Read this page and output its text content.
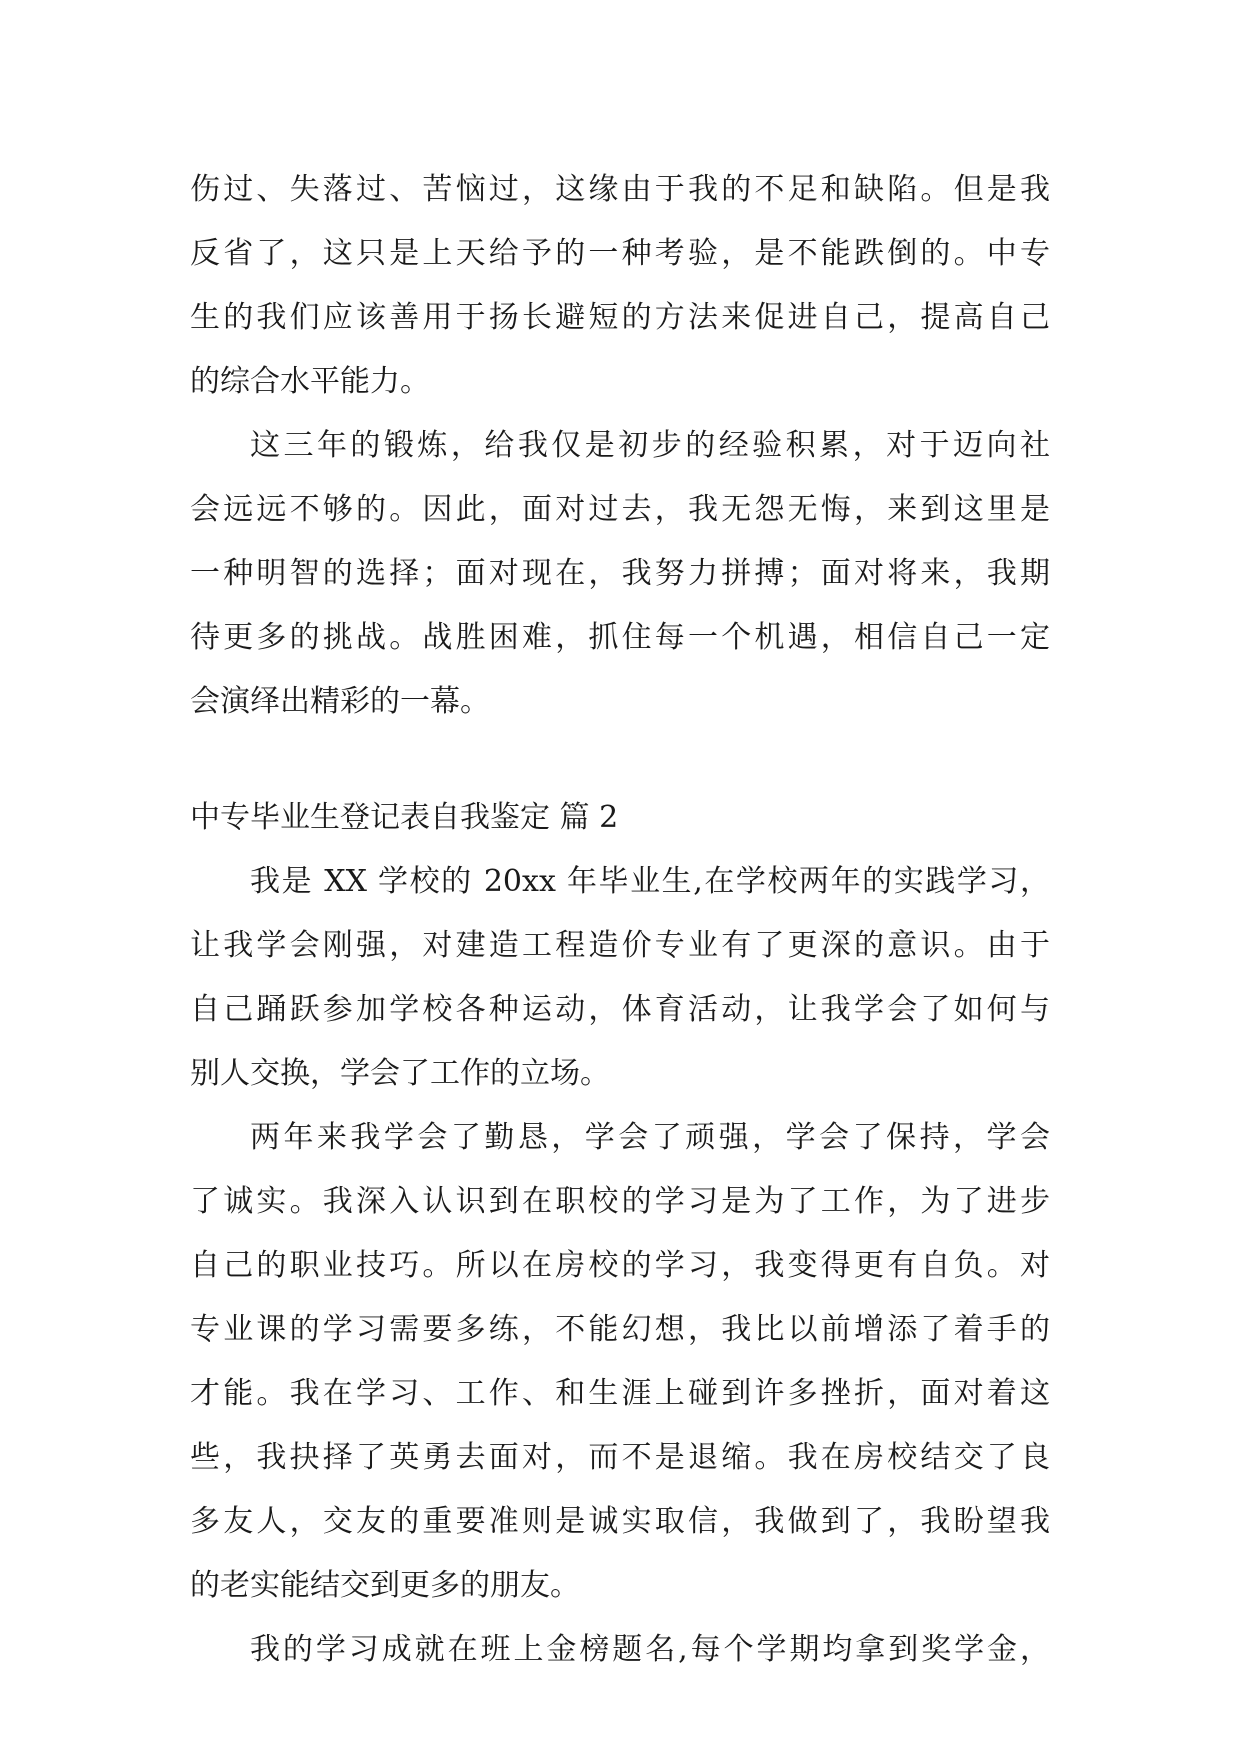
伤过、失落过、苦恼过，这缘由于我的不足和缺陷。但是我
反省了，这只是上天给予的一种考验，是不能跌倒的。中专
生的我们应该善用于扬长避短的方法来促进自己，提高自己
的综合水平能力。
这三年的锻炼，给我仅是初步的经验积累，对于迈向社
会远远不够的。因此，面对过去，我无怨无悔，来到这里是
一种明智的选择；面对现在，我努力拼搏；面对将来，我期
待更多的挑战。战胜困难，抓住每一个机遇，相信自己一定
会演绎出精彩的一幕。
中专毕业生登记表自我鉴定 篇 2
我是 XX 学校的 20xx 年毕业生,在学校两年的实践学习，
让我学会刚强，对建造工程造价专业有了更深的意识。由于
自己踊跃参加学校各种运动，体育活动，让我学会了如何与
别人交换，学会了工作的立场。
两年来我学会了勤恳，学会了顽强，学会了保持，学会
了诚实。我深入认识到在职校的学习是为了工作，为了进步
自己的职业技巧。所以在房校的学习，我变得更有自负。对
专业课的学习需要多练，不能幻想，我比以前增添了着手的
才能。我在学习、工作、和生涯上碰到许多挫折，面对着这
些，我抉择了英勇去面对，而不是退缩。我在房校结交了良
多友人，交友的重要准则是诚实取信，我做到了，我盼望我
的老实能结交到更多的朋友。
我的学习成就在班上金榜题名,每个学期均拿到奖学金，
